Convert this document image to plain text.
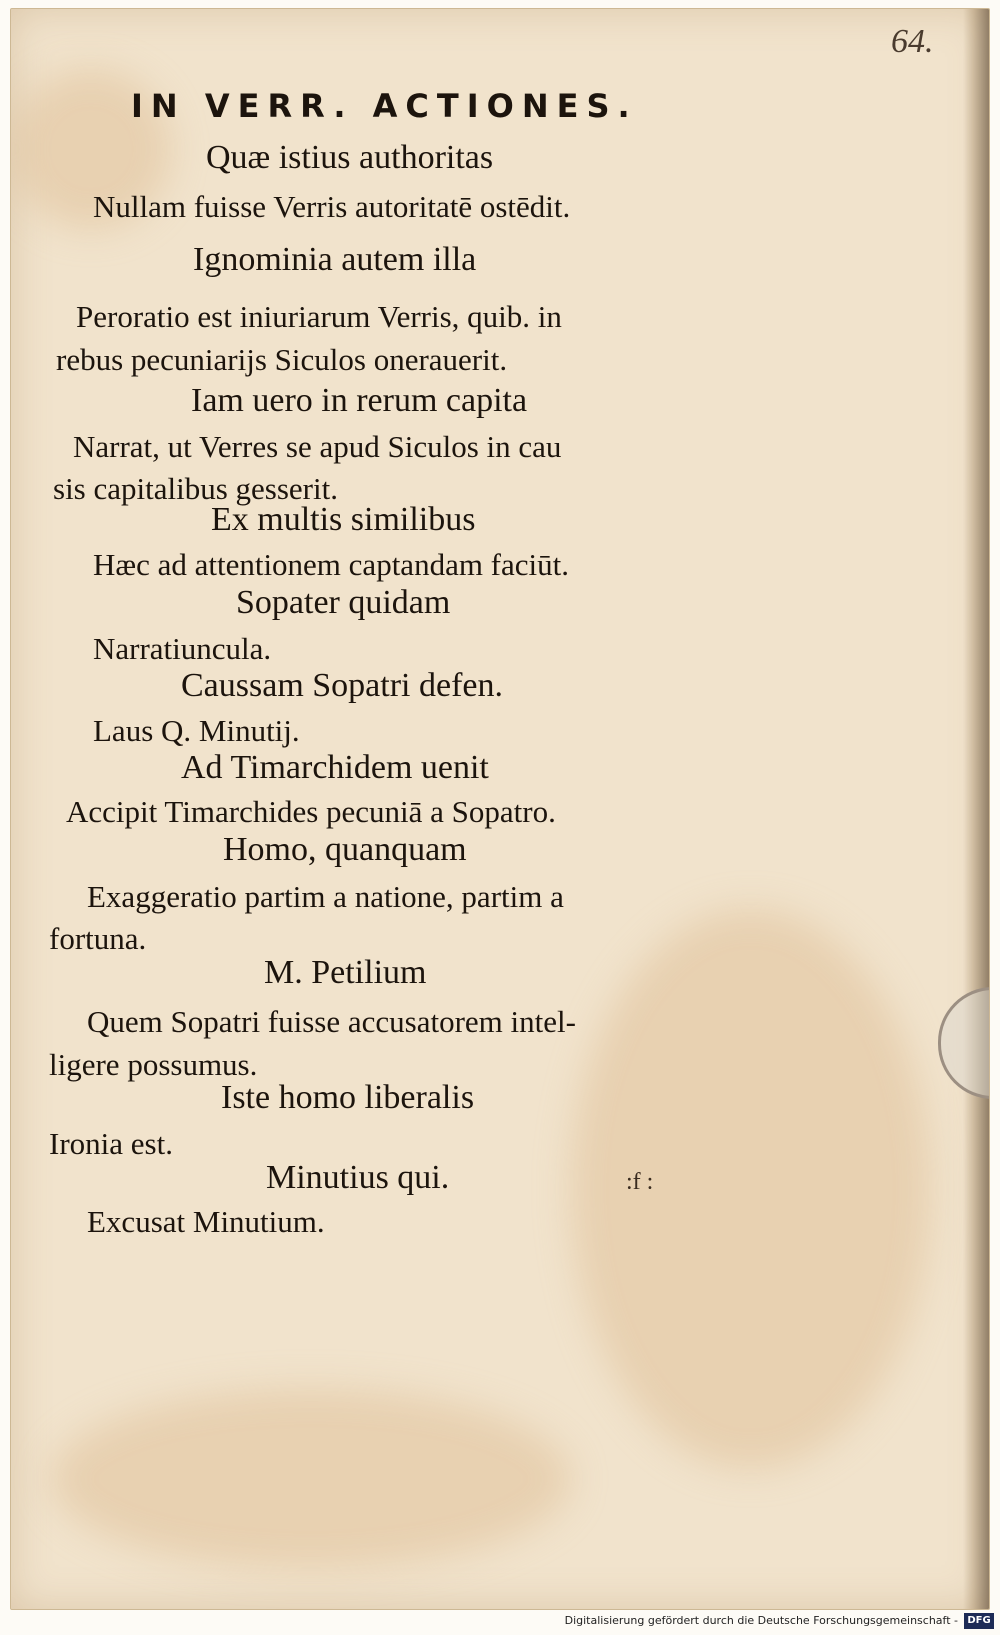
64.
IN VERR. ACTIONES.
Quæ istius authoritas
Nullam fuisse Verris autoritatē ostēdit.
Ignominia autem illa
Peroratio est iniuriarum Verris, quib. in
rebus pecuniarijs Siculos onerauerit.
Iam uero in rerum capita
Narrat, ut Verres se apud Siculos in cau
sis capitalibus gesserit.
Ex multis similibus
Hæc ad attentionem captandam faciūt.
Sopater quidam
Narratiuncula.
Caussam Sopatri defen.
Laus Q. Minutij.
Ad Timarchidem uenit
Accipit Timarchides pecuniā a Sopatro.
Homo, quanquam
Exaggeratio partim a natione, partim a
fortuna.
M. Petilium
Quem Sopatri fuisse accusatorem intel-
ligere possumus.
Iste homo liberalis
Ironia est.
Minutius qui.
Excusat Minutium.
:f :
Digitalisierung gefördert durch die Deutsche Forschungsgemeinschaft - DFG
